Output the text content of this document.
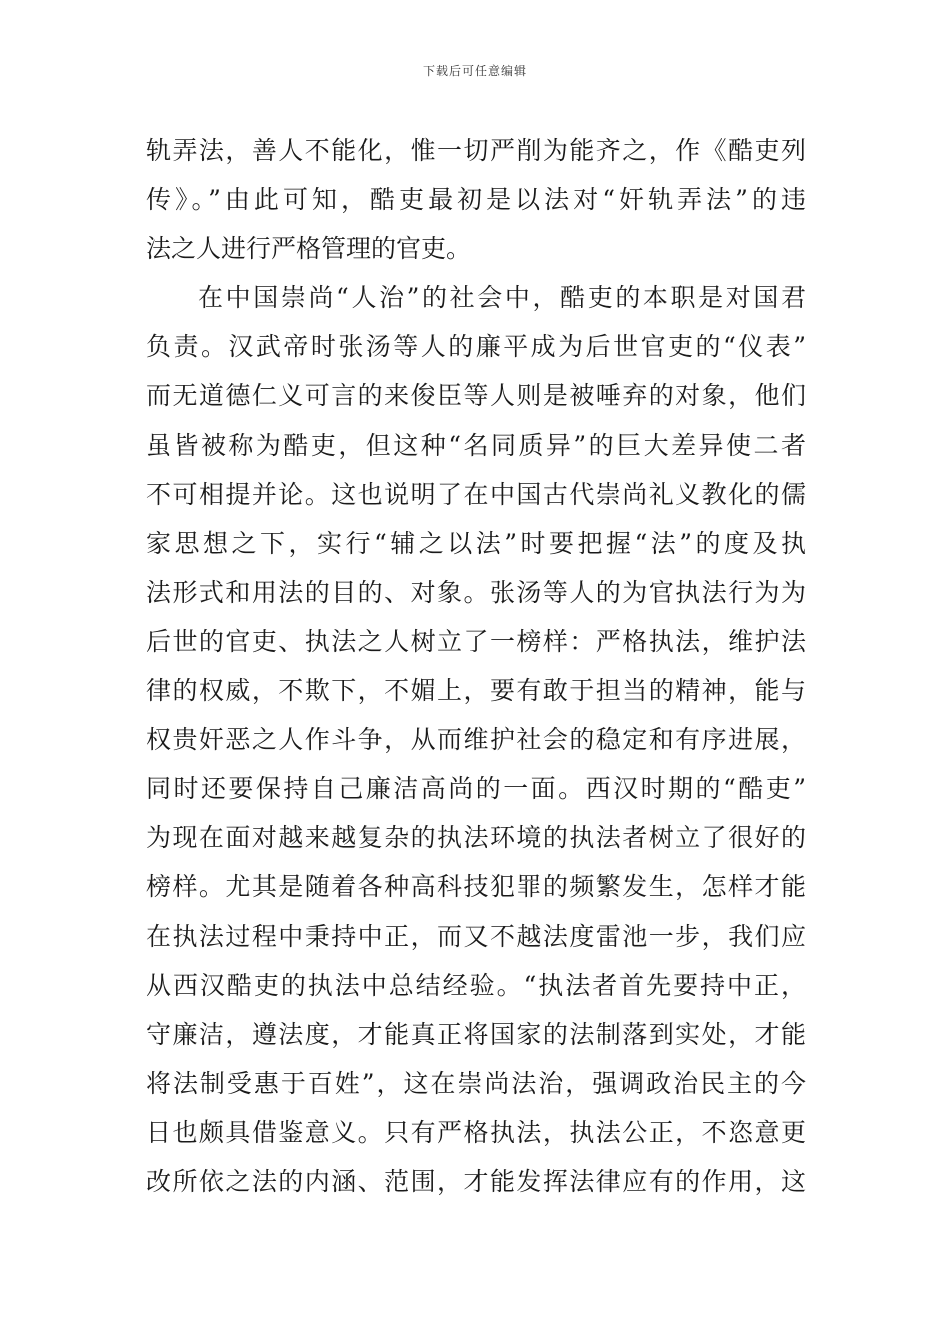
下载后可任意编辑
轨弄法，善人不能化，惟一切严削为能齐之，作《酷吏列
传》。”由此可知，酷吏最初是以法对“奸轨弄法”的违
法之人进行严格管理的官吏。
在中国崇尚“人治”的社会中，酷吏的本职是对国君
负责。汉武帝时张汤等人的廉平成为后世官吏的“仪表”
而无道德仁义可言的来俊臣等人则是被唾弃的对象，他们
虽皆被称为酷吏，但这种“名同质异”的巨大差异使二者
不可相提并论。这也说明了在中国古代崇尚礼义教化的儒
家思想之下，实行“辅之以法”时要把握“法”的度及执
法形式和用法的目的、对象。张汤等人的为官执法行为为
后世的官吏、执法之人树立了一榜样：严格执法，维护法
律的权威，不欺下，不媚上，要有敢于担当的精神，能与
权贵奸恶之人作斗争，从而维护社会的稳定和有序进展，
同时还要保持自己廉洁高尚的一面。西汉时期的“酷吏”
为现在面对越来越复杂的执法环境的执法者树立了很好的
榜样。尤其是随着各种高科技犯罪的频繁发生，怎样才能
在执法过程中秉持中正，而又不越法度雷池一步，我们应
从西汉酷吏的执法中总结经验。“执法者首先要持中正，
守廉洁，遵法度，才能真正将国家的法制落到实处，才能
将法制受惠于百姓”，这在崇尚法治，强调政治民主的今
日也颇具借鉴意义。只有严格执法，执法公正，不恣意更
改所依之法的内涵、范围，才能发挥法律应有的作用，这
